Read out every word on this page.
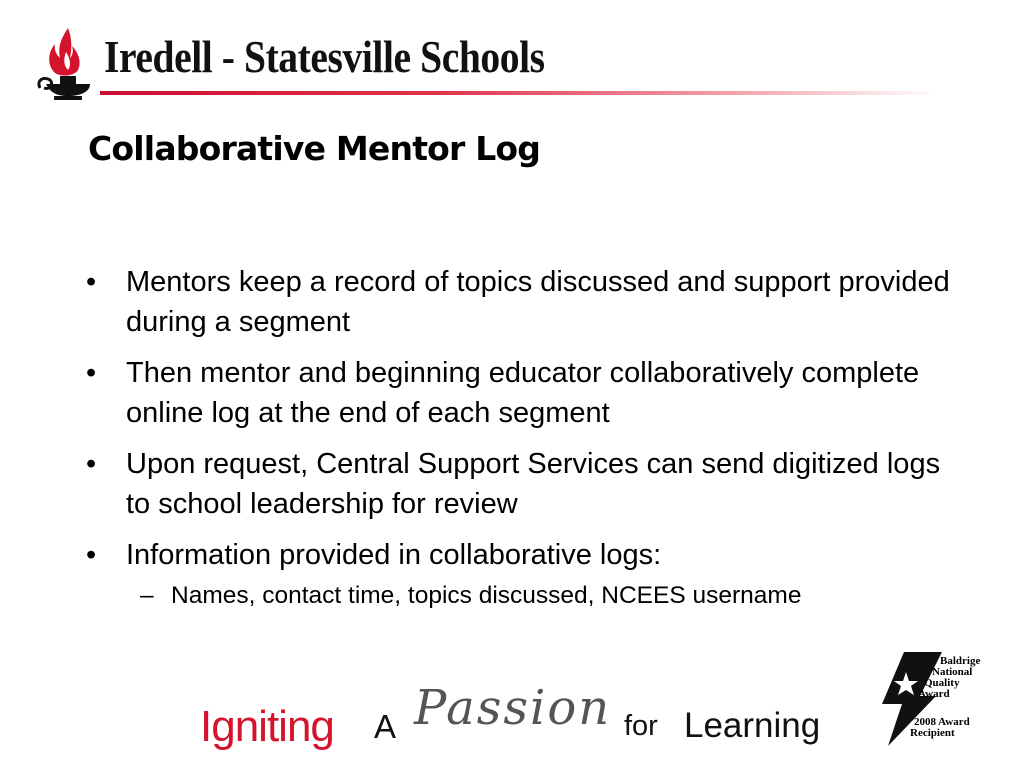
Iredell - Statesville Schools
Collaborative Mentor Log
• Mentors keep a record of topics discussed and support provided during a segment
• Then mentor and beginning educator collaboratively complete online log at the end of each segment
• Upon request, Central Support Services can send digitized logs to school leadership for review
• Information provided in collaborative logs:
– Names, contact time, topics discussed, NCEES username
Igniting A Passion for Learning
Baldrige
National
Quality
Award
2008 Award
Recipient
